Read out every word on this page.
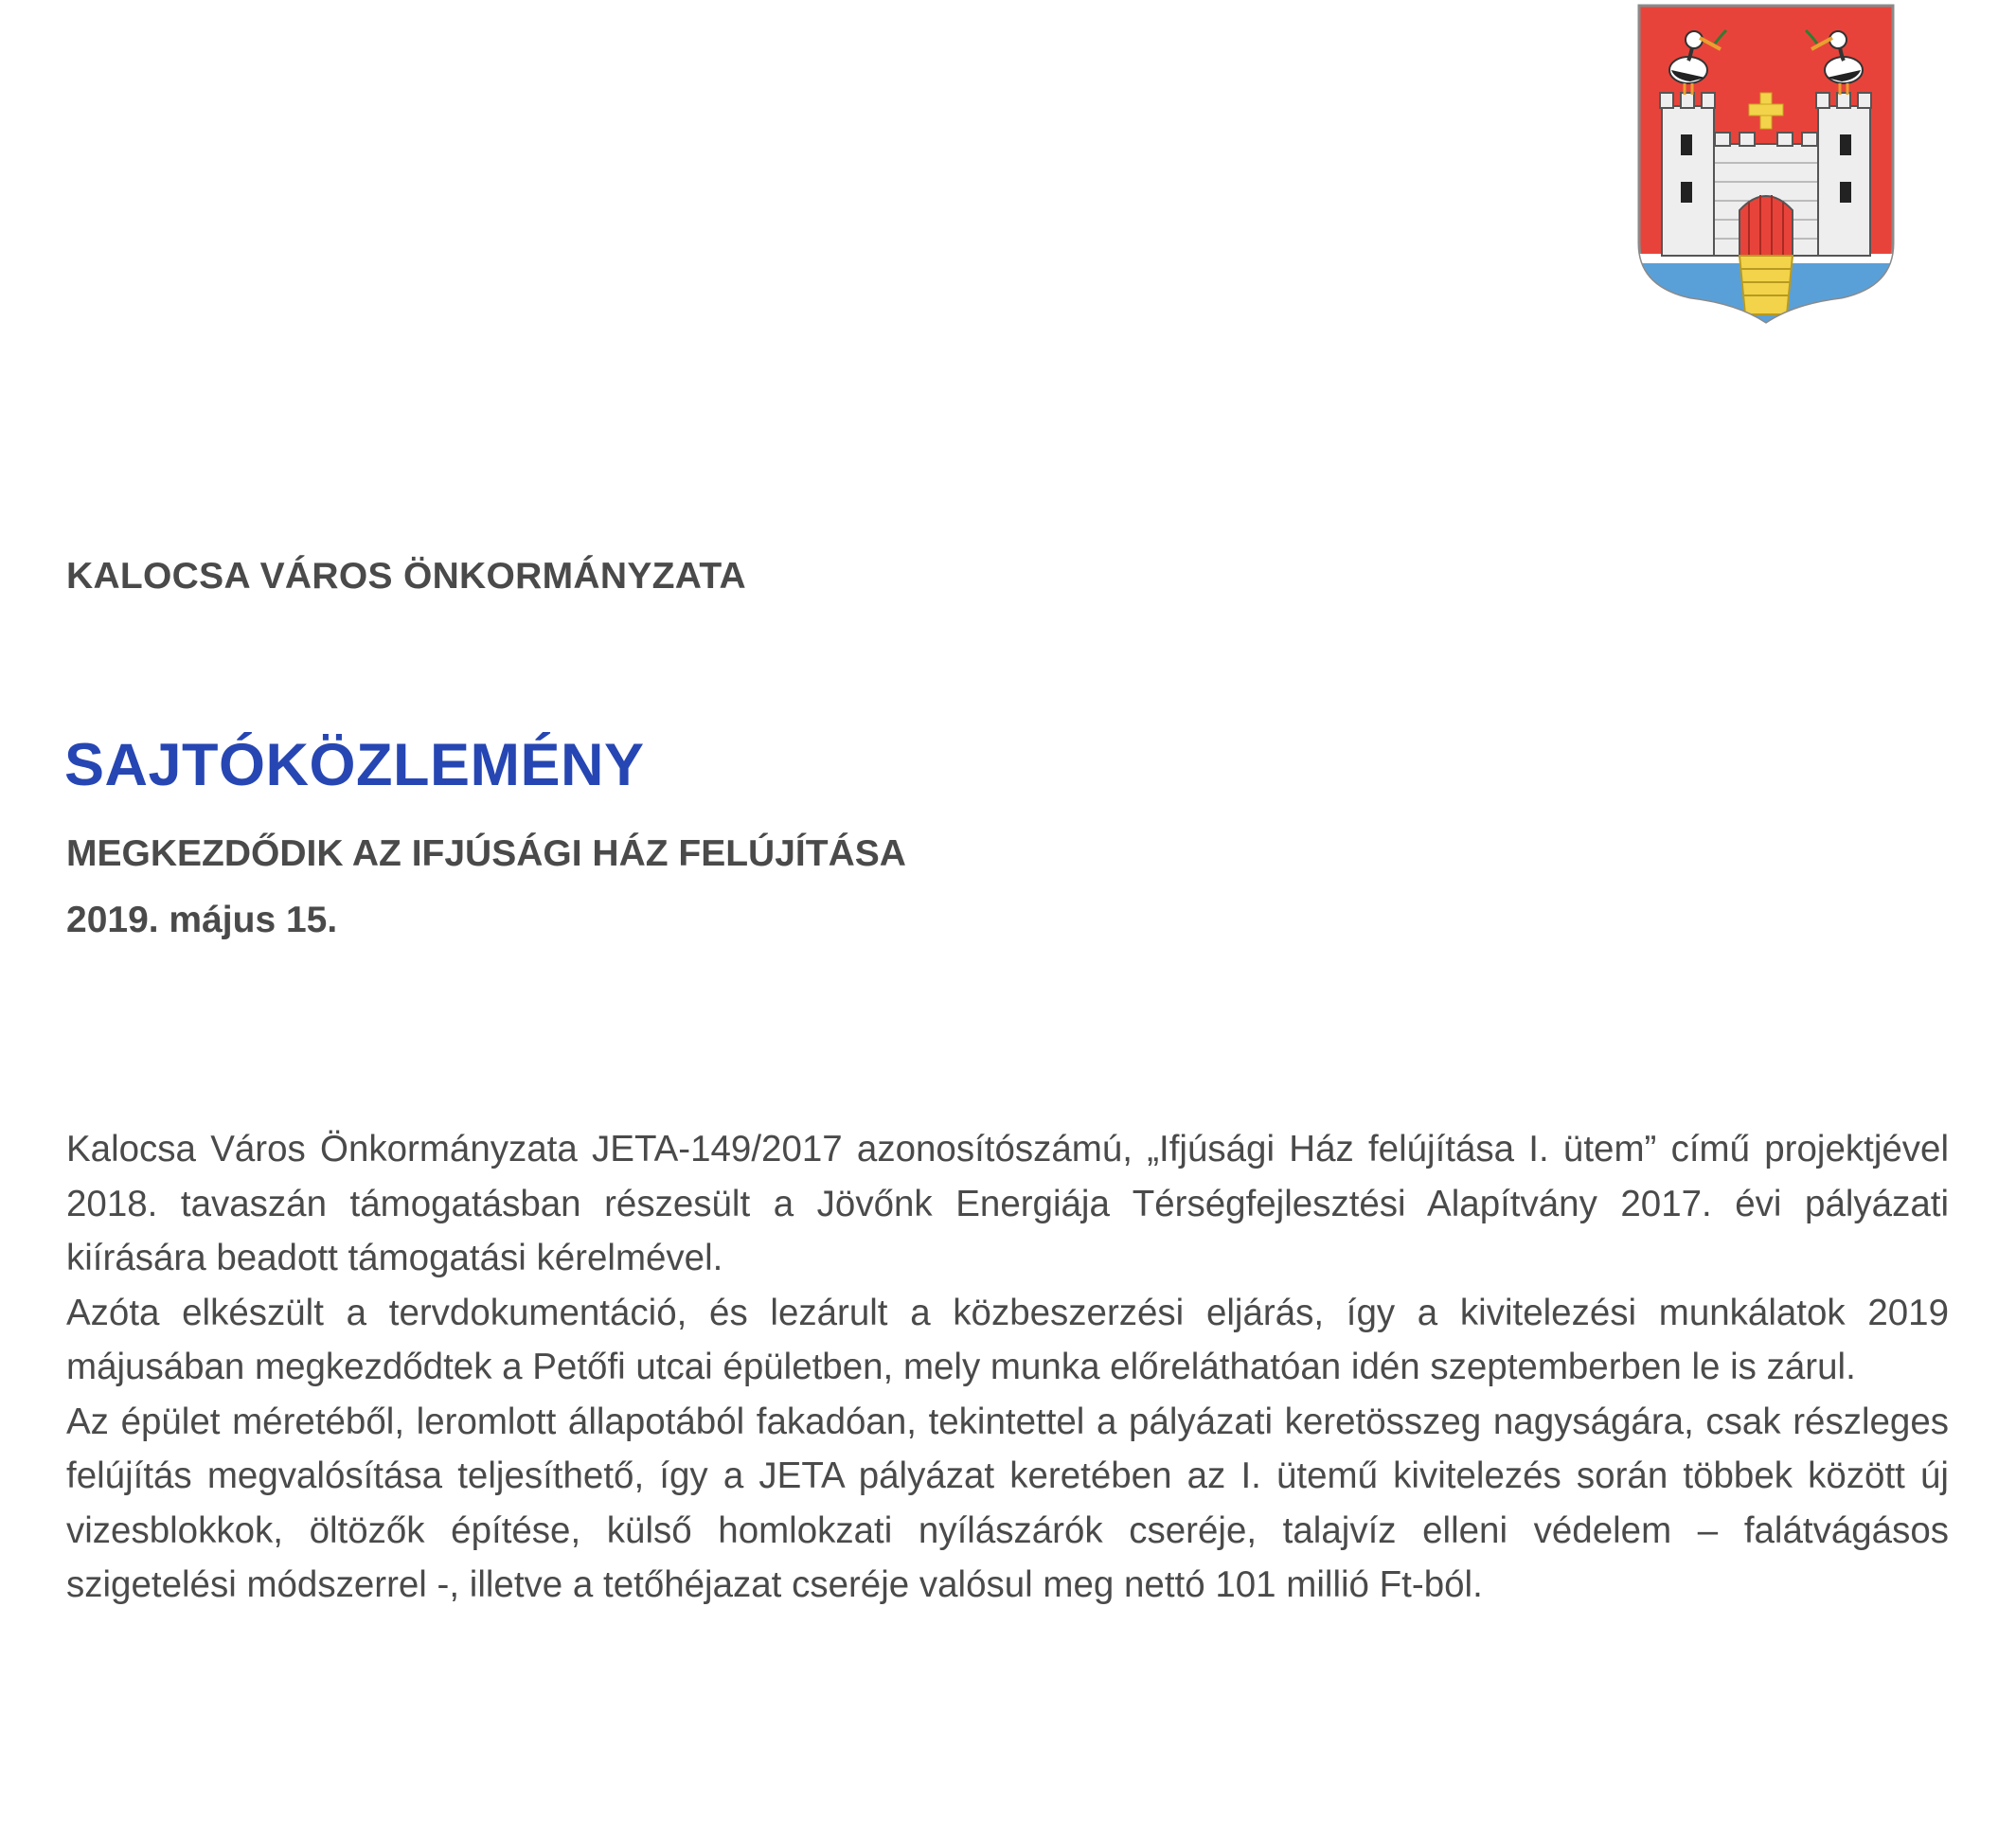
KALOCSA VÁROS ÖNKORMÁNYZATA
SAJTÓKÖZLEMÉNY
MEGKEZDŐDIK AZ IFJÚSÁGI HÁZ FELÚJÍTÁSA
2019. május 15.

Kalocsa Város Önkormányzata JETA-149/2017 azonosítószámú, „Ifjúsági Ház felújítása I. ütem” című projektjével 2018. tavaszán támogatásban részesült a Jövőnk Energiája Térségfejlesztési Alapítvány 2017. évi pályázati kiírására beadott támogatási kérelmével.

Azóta elkészült a tervdokumentáció, és lezárult a közbeszerzési eljárás, így a kivitelezési munkálatok 2019 májusában megkezdődtek a Petőfi utcai épületben, mely munka előreláthatóan idén szeptemberben le is zárul.

Az épület méretéből, leromlott állapotából fakadóan, tekintettel a pályázati keretösszeg nagyságára, csak részleges felújítás megvalósítása teljesíthető, így a JETA pályázat keretében az I. ütemű kivitelezés során többek között új vizesblokkok, öltözők építése, külső homlokzati nyílászárók cseréje, talajvíz elleni védelem – falátvágásos szigetelési módszerrel -, illetve a tetőhéjazat cseréje valósul meg nettó 101 millió Ft-ból.
